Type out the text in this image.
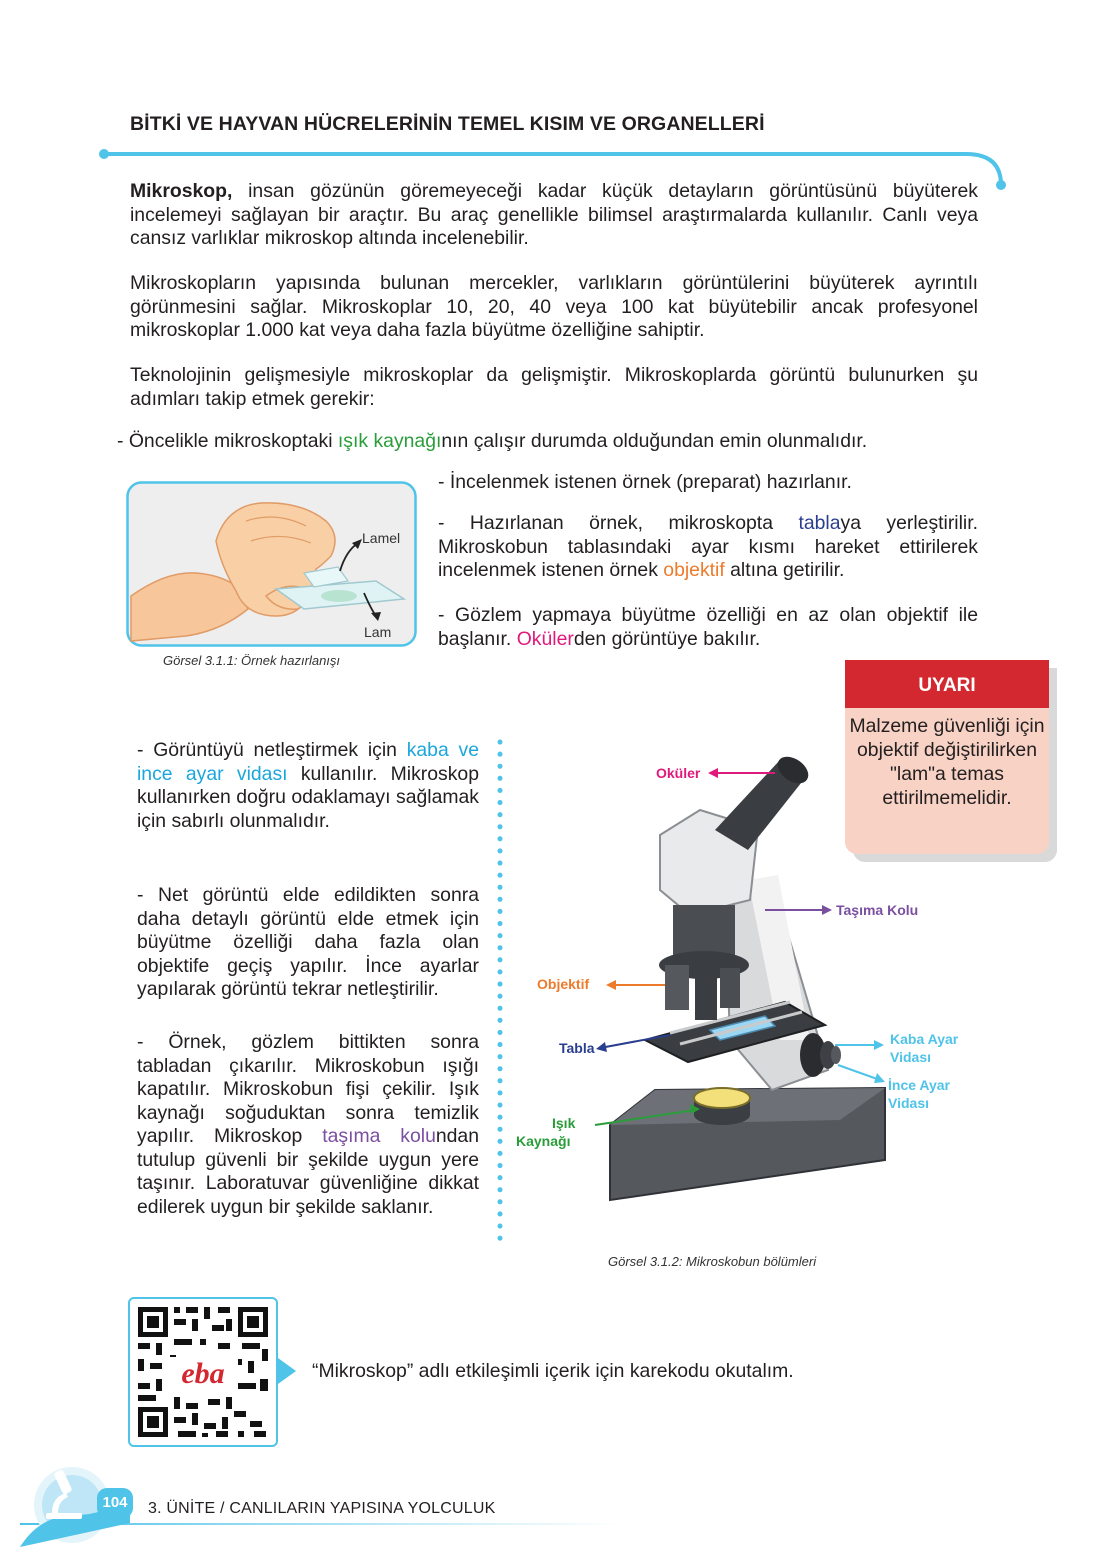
BİTKİ VE HAYVAN HÜCRELERİNİN TEMEL KISIM VE ORGANELLERİ
Mikroskop, insan gözünün göremeyeceği kadar küçük detayların görüntüsünü büyüterek incelemeyi sağlayan bir araçtır. Bu araç genellikle bilimsel araştırmalarda kullanılır. Canlı veya cansız varlıklar mikroskop altında incelenebilir.
Mikroskopların yapısında bulunan mercekler, varlıkların görüntülerini büyüterek ayrıntılı görünmesini sağlar. Mikroskoplar 10, 20, 40 veya 100 kat büyütebilir ancak profesyonel mikroskoplar 1.000 kat veya daha fazla büyütme özelliğine sahiptir.
Teknolojinin gelişmesiyle mikroskoplar da gelişmiştir. Mikroskoplarda görüntü bulunurken şu adımları takip etmek gerekir:
- Öncelikle mikroskoptaki ışık kaynağının çalışır durumda olduğundan emin olunmalıdır.
Lamel
Lam
Görsel 3.1.1: Örnek hazırlanışı
- İncelenmek istenen örnek (preparat) hazırlanır.
- Hazırlanan örnek, mikroskopta tablaya yerleştirilir. Mikroskobun tablasındaki ayar kısmı hareket ettirilerek incelenmek istenen örnek objektif altına getirilir.
- Gözlem yapmaya büyütme özelliği en az olan objektif ile başlanır. Okülerden görüntüye bakılır.
UYARI
Malzeme güvenliği için objektif değiştirilirken "lam"a temas ettirilmemelidir.
- Görüntüyü netleştirmek için kaba ve ince ayar vidası kullanılır. Mikroskop kullanırken doğru odaklamayı sağlamak için sabırlı olunmalıdır.
- Net görüntü elde edildikten sonra daha detaylı görüntü elde etmek için büyütme özelliği daha fazla olan objektife geçiş yapılır. İnce ayarlar yapılarak görüntü tekrar netleştirilir.
- Örnek, gözlem bittikten sonra tabladan çıkarılır. Mikroskobun ışığı kapatılır. Mikroskobun fişi çekilir. Işık kaynağı soğuduktan sonra temizlik yapılır. Mikroskop taşıma kolundan tutulup güvenli bir şekilde uygun yere taşınır. Laboratuvar güvenliğine dikkat edilerek uygun bir şekilde saklanır.
Oküler
Taşıma Kolu
Objektif
Tabla
Kaba Ayar
Vidası
İnce Ayar
Vidası
Işık
Kaynağı
Görsel 3.1.2: Mikroskobun bölümleri
eba	“Mikroskop” adlı etkileşimli içerik için karekodu okutalım.
104	3. ÜNİTE / CANLILARIN YAPISINA YOLCULUK
